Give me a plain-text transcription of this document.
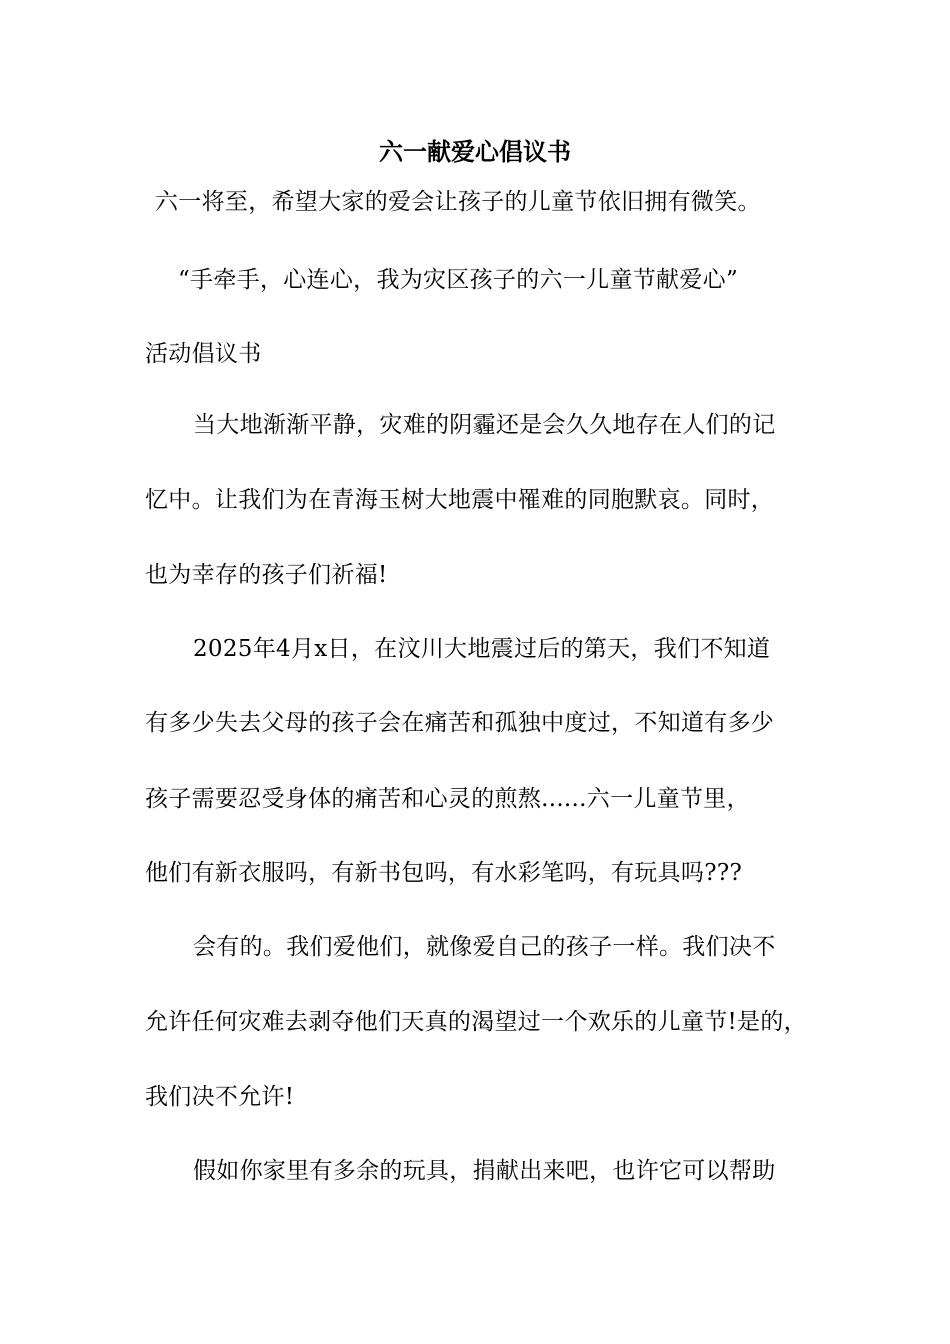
六一献爱心倡议书
六一将至，希望大家的爱会让孩子的儿童节依旧拥有微笑。
“手牵手，心连心，我为灾区孩子的六一儿童节献爱心”
活动倡议书
当大地渐渐平静，灾难的阴霾还是会久久地存在人们的记
忆中。让我们为在青海玉树大地震中罹难的同胞默哀。同时，
也为幸存的孩子们祈福!
2025年4月x日，在汶川大地震过后的第天，我们不知道
有多少失去父母的孩子会在痛苦和孤独中度过，不知道有多少
孩子需要忍受身体的痛苦和心灵的煎熬......六一儿童节里，
他们有新衣服吗，有新书包吗，有水彩笔吗，有玩具吗???
会有的。我们爱他们，就像爱自己的孩子一样。我们决不
允许任何灾难去剥夺他们天真的渴望过一个欢乐的儿童节!是的，
我们决不允许!
假如你家里有多余的玩具，捐献出来吧，也许它可以帮助
